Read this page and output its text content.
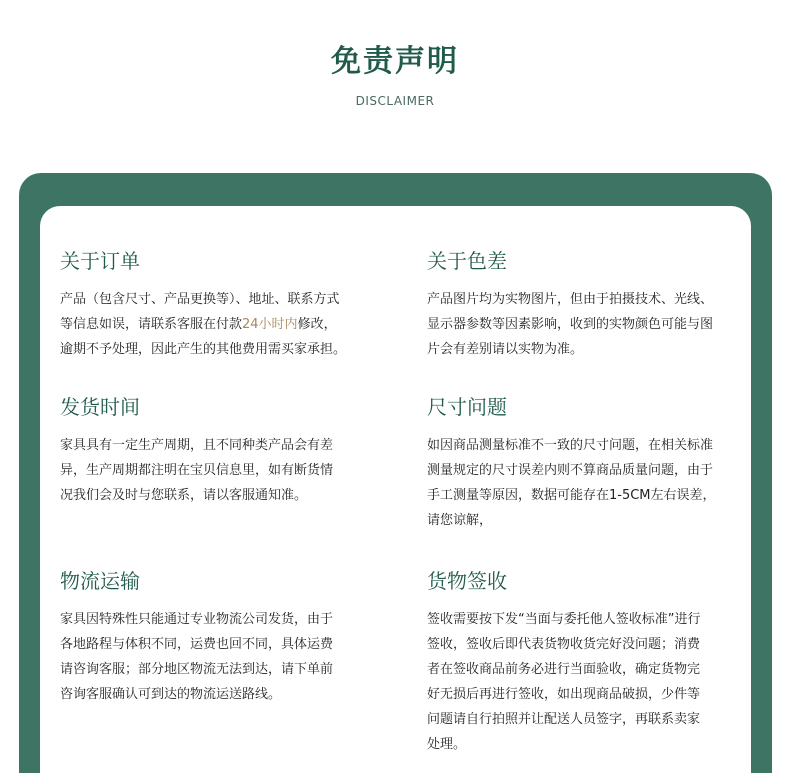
免责声明
DISCLAIMER
关于订单
产品（包含尺寸、产品更换等）、地址、联系方式
等信息如误，请联系客服在付款24小时内修改，
逾期不予处理，因此产生的其他费用需买家承担。
关于色差
产品图片均为实物图片，但由于拍摄技术、光线、
显示器参数等因素影响，收到的实物颜色可能与图
片会有差别请以实物为准。
发货时间
家具具有一定生产周期，且不同种类产品会有差
异，生产周期都注明在宝贝信息里，如有断货情
况我们会及时与您联系，请以客服通知准。
尺寸问题
如因商品测量标准不一致的尺寸问题，在相关标准
测量规定的尺寸误差内则不算商品质量问题，由于
手工测量等原因，数据可能存在1-5CM左右误差，
请您谅解，
物流运输
家具因特殊性只能通过专业物流公司发货，由于
各地路程与体积不同，运费也回不同，具体运费
请咨询客服；部分地区物流无法到达，请下单前
咨询客服确认可到达的物流运送路线。
货物签收
签收需要按下发“当面与委托他人签收标准”进行
签收，签收后即代表货物收货完好没问题；消费
者在签收商品前务必进行当面验收，确定货物完
好无损后再进行签收，如出现商品破损，少件等
问题请自行拍照并让配送人员签字，再联系卖家
处理。
